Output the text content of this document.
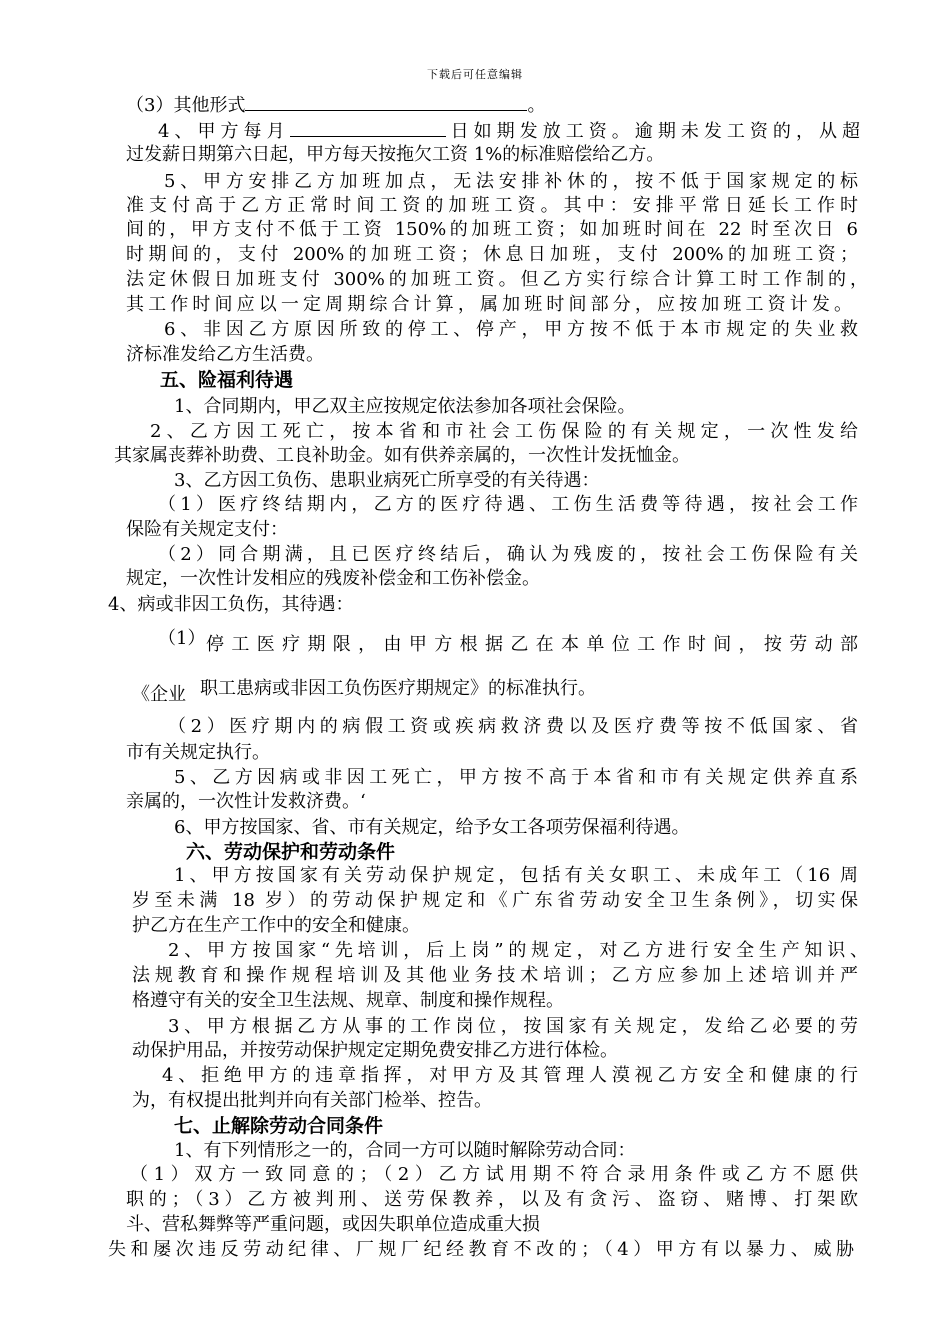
下载后可任意编辑
（3）其他形式	。
4、甲方每月	日如期发放工资。逾期未发工资的，从超
过发薪日期第六日起，甲方每天按拖欠工资 1%的标准赔偿给乙方。
5、甲方安排乙方加班加点，无法安排补休的，按不低于国家规定的标
准支付高于乙方正常时间工资的加班工资。其中：安排平常日延长工作时
间的，甲方支付不低于工资 150%的加班工资；如加班时间在 22 时至次日 6
时期间的，支付 200%的加班工资；休息日加班，支付 200%的加班工资；
法定休假日加班支付 300%的加班工资。但乙方实行综合计算工时工作制的，
其工作时间应以一定周期综合计算，属加班时间部分，应按加班工资计发。
6、非因乙方原因所致的停工、停产，甲方按不低于本市规定的失业救
济标准发给乙方生活费。
五、险福利待遇
1、合同期内，甲乙双主应按规定依法参加各项社会保险。
2、乙方因工死亡，按本省和市社会工伤保险的有关规定，一次性发给
其家属丧葬补助费、工良补助金。如有供养亲属的，一次性计发抚恤金。
3、乙方因工负伤、患职业病死亡所享受的有关待遇：
（1）医疗终结期内，乙方的医疗待遇、工伤生活费等待遇，按社会工作
保险有关规定支付：
（2）同合期满，且已医疗终结后，确认为残废的，按社会工伤保险有关
规定，一次性计发相应的残废补偿金和工伤补偿金。
4、病或非因工负伤，其待遇：
（1） 停工医疗期限，由甲方根据乙在本单位工作时间，按劳动部
《企业 职工患病或非因工负伤医疗期规定》的标准执行。
（2）医疗期内的病假工资或疾病救济费以及医疗费等按不低国家、省
市有关规定执行。
5、乙方因病或非因工死亡，甲方按不高于本省和市有关规定供养直系
亲属的，一次性计发救济费。‘
6、甲方按国家、省、市有关规定，给予女工各项劳保福利待遇。
六、劳动保护和劳动条件
1、甲方按国家有关劳动保护规定，包括有关女职工、未成年工（16 周
岁至未满 18 岁）的劳动保护规定和《广东省劳动安全卫生条例》，切实保
护乙方在生产工作中的安全和健康。
2、甲方按国家“先培训，后上岗”的规定，对乙方进行安全生产知识、
法规教育和操作规程培训及其他业务技术培训；乙方应参加上述培训并严
格遵守有关的安全卫生法规、规章、制度和操作规程。
3、甲方根据乙方从事的工作岗位，按国家有关规定，发给乙必要的劳
动保护用品，并按劳动保护规定定期免费安排乙方进行体检。
4、拒绝甲方的违章指挥，对甲方及其管理人漠视乙方安全和健康的行
为，有权提出批判并向有关部门检举、控告。
七、止解除劳动合同条件
1、有下列情形之一的，合同一方可以随时解除劳动合同：
（1）双方一致同意的；（2）乙方试用期不符合录用条件或乙方不愿供
职的；（3）乙方被判刑、送劳保教养，以及有贪污、盗窃、赌博、打架欧
斗、营私舞弊等严重问题，或因失职单位造成重大损
失和屡次违反劳动纪律、厂规厂纪经教育不改的；（4）甲方有以暴力、威胁
